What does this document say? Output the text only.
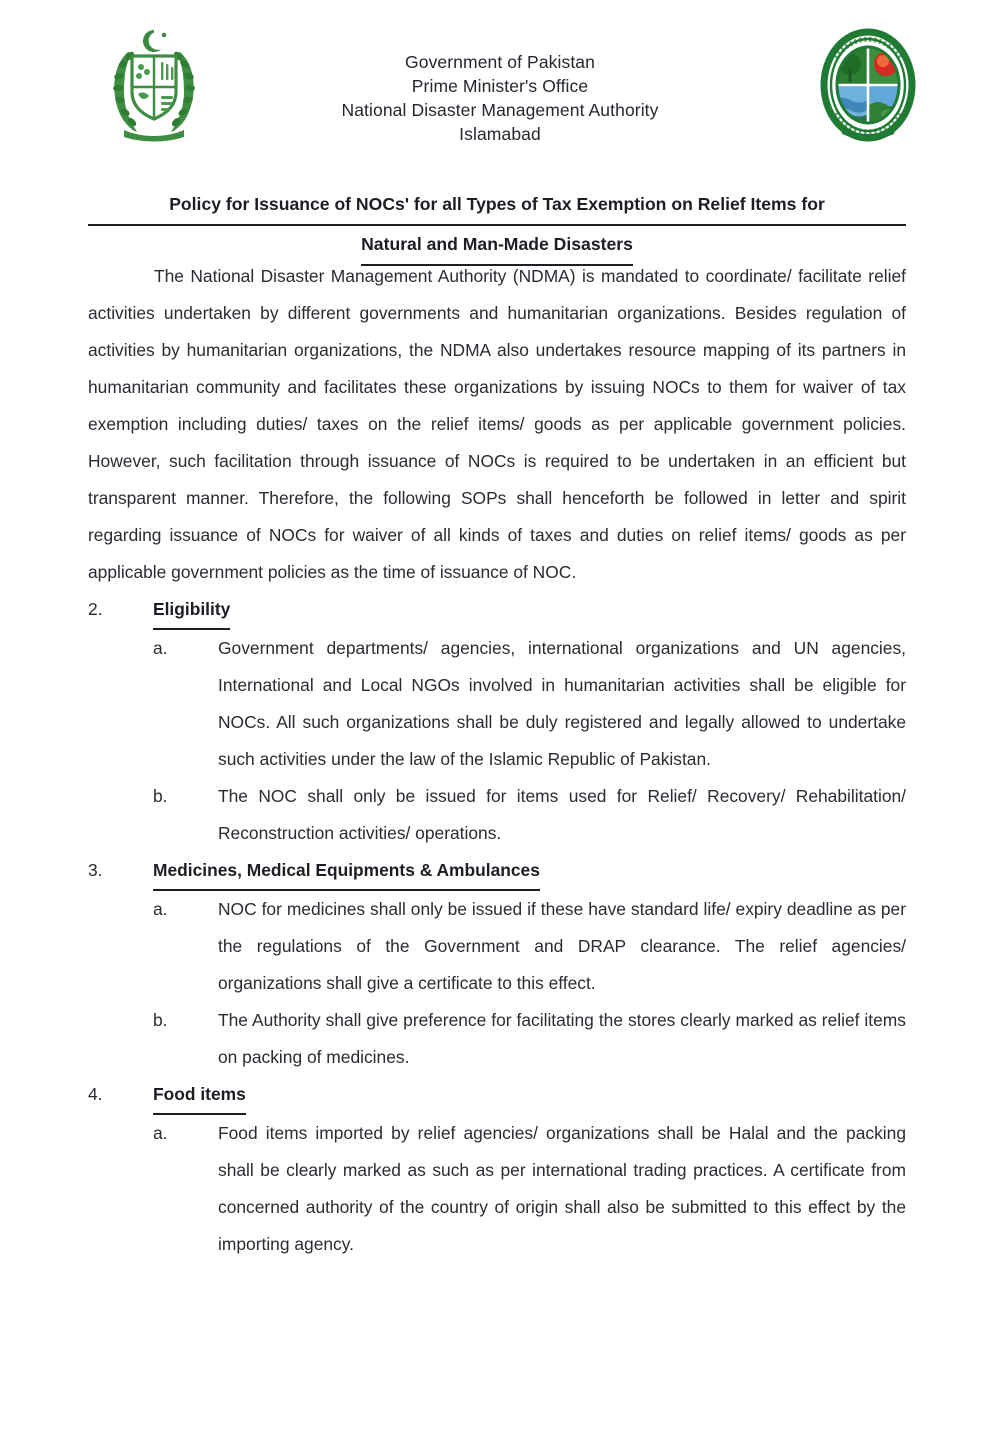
Government of Pakistan
Prime Minister's Office
National Disaster Management Authority
Islamabad
Policy for Issuance of NOCs' for all Types of Tax Exemption on Relief Items for
Natural and Man-Made Disasters

The National Disaster Management Authority (NDMA) is mandated to coordinate/ facilitate relief activities undertaken by different governments and humanitarian organizations. Besides regulation of activities by humanitarian organizations, the NDMA also undertakes resource mapping of its partners in humanitarian community and facilitates these organizations by issuing NOCs to them for waiver of tax exemption including duties/ taxes on the relief items/ goods as per applicable government policies. However, such facilitation through issuance of NOCs is required to be undertaken in an efficient but transparent manner. Therefore, the following SOPs shall henceforth be followed in letter and spirit regarding issuance of NOCs for waiver of all kinds of taxes and duties on relief items/ goods as per applicable government policies as the time of issuance of NOC.

2.	Eligibility
a.	Government departments/ agencies, international organizations and UN agencies, International and Local NGOs involved in humanitarian activities shall be eligible for NOCs. All such organizations shall be duly registered and legally allowed to undertake such activities under the law of the Islamic Republic of Pakistan.
b.	The NOC shall only be issued for items used for Relief/ Recovery/ Rehabilitation/ Reconstruction activities/ operations.
3.	Medicines, Medical Equipments & Ambulances
a.	NOC for medicines shall only be issued if these have standard life/ expiry deadline as per the regulations of the Government and DRAP clearance. The relief agencies/ organizations shall give a certificate to this effect.
b.	The Authority shall give preference for facilitating the stores clearly marked as relief items on packing of medicines.
4.	Food items
a.	Food items imported by relief agencies/ organizations shall be Halal and the packing shall be clearly marked as such as per international trading practices. A certificate from concerned authority of the country of origin shall also be submitted to this effect by the importing agency.
